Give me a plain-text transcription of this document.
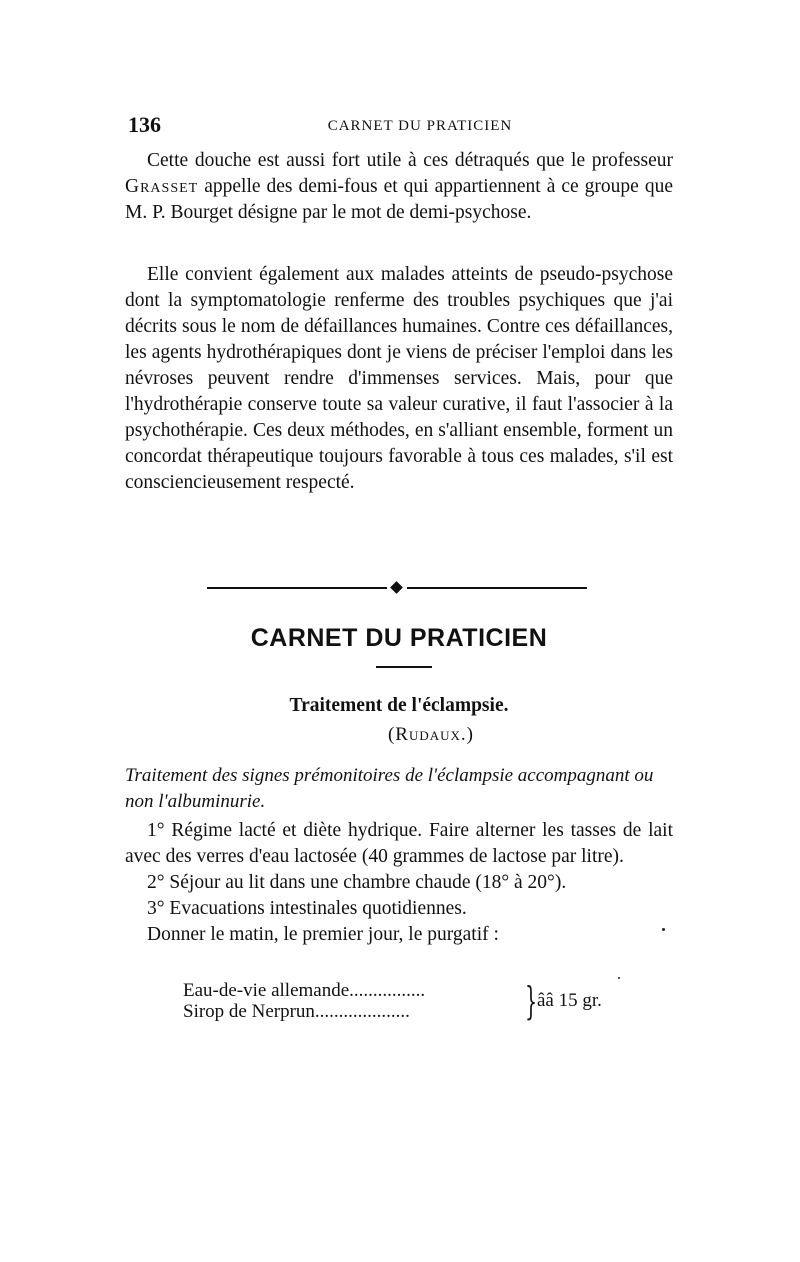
136	CARNET DU PRATICIEN

Cette douche est aussi fort utile à ces détraqués que le professeur Grasset appelle des demi-fous et qui appartiennent à ce groupe que M. P. Bourget désigne par le mot de demi-psychose.

Elle convient également aux malades atteints de pseudo-psychose dont la symptomatologie renferme des troubles psychiques que j'ai décrits sous le nom de défaillances humaines. Contre ces défaillances, les agents hydrothérapiques dont je viens de préciser l'emploi dans les névroses peuvent rendre d'immenses services. Mais, pour que l'hydrothérapie conserve toute sa valeur curative, il faut l'associer à la psychothérapie. Ces deux méthodes, en s'alliant ensemble, forment un concordat thérapeutique toujours favorable à tous ces malades, s'il est consciencieusement respecté.

CARNET DU PRATICIEN
Traitement de l'éclampsie.
(Rudaux.)
Traitement des signes prémonitoires de l'éclampsie accompagnant ou non l'albuminurie.

1° Régime lacté et diète hydrique. Faire alterner les tasses de lait avec des verres d'eau lactosée (40 grammes de lactose par litre).

2° Séjour au lit dans une chambre chaude (18° à 20°).

3° Evacuations intestinales quotidiennes.

Donner le matin, le premier jour, le purgatif :

Eau-de-vie allemande................
Sirop de Nerprun....................	} ââ 15 gr.
